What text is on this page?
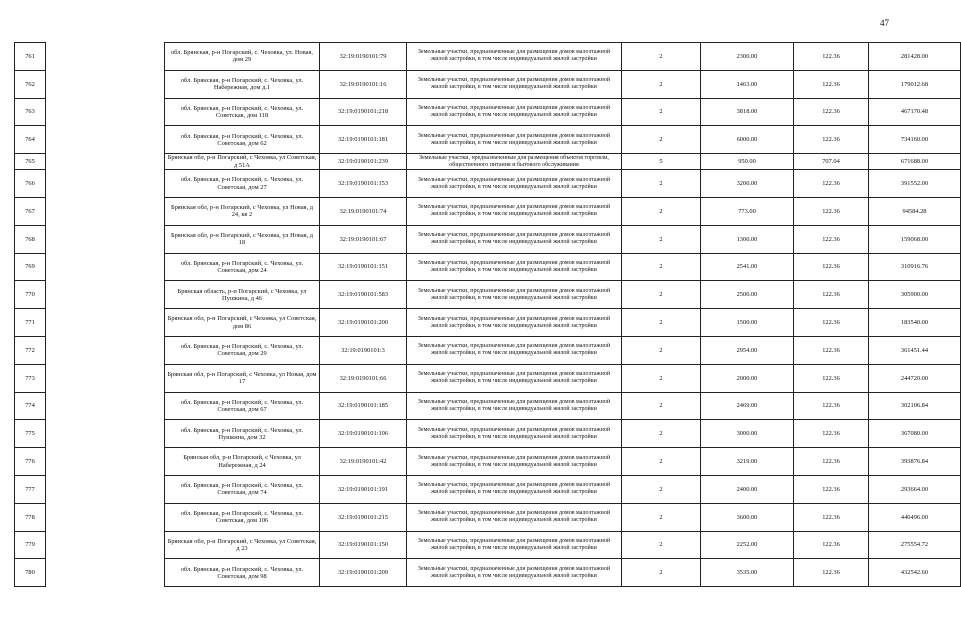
47
761		обл. Брянская, р-н Погарский, с. Чеховка, ул. Новая, дом 29	32:19:0190101:79	Земельные участки, предназначенные для размещения домов малоэтажной жилой застройки, в том числе индивидуальной жилой застройки	2	2300.00	122.36	281428.00
762		обл. Брянская, р-н Погарский, с. Чеховка, ул. Набережная, дом д.1	32:19:0190101:16	Земельные участки, предназначенные для размещения домов малоэтажной жилой застройки, в том числе индивидуальной жилой застройки	2	1463.00	122.36	179012.68
763		обл. Брянская, р-н Погарский, с. Чеховка, ул. Советская, дом 118	32:19:0190101:218	Земельные участки, предназначенные для размещения домов малоэтажной жилой застройки, в том числе индивидуальной жилой застройки	2	3818.00	122.36	467170.48
764		обл. Брянская, р-н Погарский, с. Чеховка, ул. Советская, дом 62	32:19:0190101:181	Земельные участки, предназначенные для размещения домов малоэтажной жилой застройки, в том числе индивидуальной жилой застройки	2	6000.00	122.36	734160.00
765		Брянская обл, р-н Погарский, с Чеховка, ул Советская, д 51А	32:19:0190101:239	Земельные участки, предназначенные для размещения объектов торговли, общественного питания и бытового обслуживания	5	950.00	707.04	671688.00
766		обл. Брянская, р-н Погарский, с. Чеховка, ул. Советская, дом 27	32:19:0190101:153	Земельные участки, предназначенные для размещения домов малоэтажной жилой застройки, в том числе индивидуальной жилой застройки	2	3200.00	122.36	391552.00
767		Брянская обл, р-н Погарский, с Чеховка, ул Новая, д 24, кв 2	32:19:0190101:74	Земельные участки, предназначенные для размещения домов малоэтажной жилой застройки, в том числе индивидуальной жилой застройки	2	773.00	122.36	94584.28
768		Брянская обл, р-н Погарский, с Чеховка, ул Новая, д 18	32:19:0190101:67	Земельные участки, предназначенные для размещения домов малоэтажной жилой застройки, в том числе индивидуальной жилой застройки	2	1300.00	122.36	159068.00
769		обл. Брянская, р-н Погарский, с. Чеховка, ул. Советская, дом 24	32:19:0190101:151	Земельные участки, предназначенные для размещения домов малоэтажной жилой застройки, в том числе индивидуальной жилой застройки	2	2541.00	122.36	310916.76
770		Брянская область, р-н Погарский, с Чеховка, ул Пушкина, д 46	32:19:0190101:583	Земельные участки, предназначенные для размещения домов малоэтажной жилой застройки, в том числе индивидуальной жилой застройки	2	2500.00	122.36	305900.00
771		Брянская обл, р-н Погарский, с Чеховка, ул Советская, дом 86	32:19:0190101:200	Земельные участки, предназначенные для размещения домов малоэтажной жилой застройки, в том числе индивидуальной жилой застройки	2	1500.00	122.36	183540.00
772		обл. Брянская, р-н Погарский, с. Чеховка, ул. Советская, дом 29	32:19:0190101:3	Земельные участки, предназначенные для размещения домов малоэтажной жилой застройки, в том числе индивидуальной жилой застройки	2	2954.00	122.36	361451.44
773		Брянская обл, р-н Погарский, с Чеховка, ул Новая, дом 17	32:19:0190101:66	Земельные участки, предназначенные для размещения домов малоэтажной жилой застройки, в том числе индивидуальной жилой застройки	2	2000.00	122.36	244720.00
774		обл. Брянская, р-н Погарский, с. Чеховка, ул. Советская, дом 67	32:19:0190101:185	Земельные участки, предназначенные для размещения домов малоэтажной жилой застройки, в том числе индивидуальной жилой застройки	2	2469.00	122.36	302106.84
775		обл. Брянская, р-н Погарский, с. Чеховка, ул. Пушкина, дом 32	32:19:0190101:106	Земельные участки, предназначенные для размещения домов малоэтажной жилой застройки, в том числе индивидуальной жилой застройки	2	3000.00	122.36	367080.00
776		Брянская обл, р-н Погарский, с Чеховка, ул Набережная, д 24	32:19:0190101:42	Земельные участки, предназначенные для размещения домов малоэтажной жилой застройки, в том числе индивидуальной жилой застройки	2	3219.00	122.36	393876.84
777		обл. Брянская, р-н Погарский, с. Чеховка, ул. Советская, дом 74	32:19:0190101:191	Земельные участки, предназначенные для размещения домов малоэтажной жилой застройки, в том числе индивидуальной жилой застройки	2	2400.00	122.36	293664.00
778		обл. Брянская, р-н Погарский, с. Чеховка, ул. Советская, дом 106	32:19:0190101:215	Земельные участки, предназначенные для размещения домов малоэтажной жилой застройки, в том числе индивидуальной жилой застройки	2	3600.00	122.36	440496.00
779		Брянская обл, р-н Погарский, с Чеховка, ул Советская, д 23	32:19:0190101:150	Земельные участки, предназначенные для размещения домов малоэтажной жилой застройки, в том числе индивидуальной жилой застройки	2	2252.00	122.36	275554.72
780		обл. Брянская, р-н Погарский, с. Чеховка, ул. Советская, дом 98	32:19:0190101:209	Земельные участки, предназначенные для размещения домов малоэтажной жилой застройки, в том числе индивидуальной жилой застройки	2	3535.00	122.36	432542.60
